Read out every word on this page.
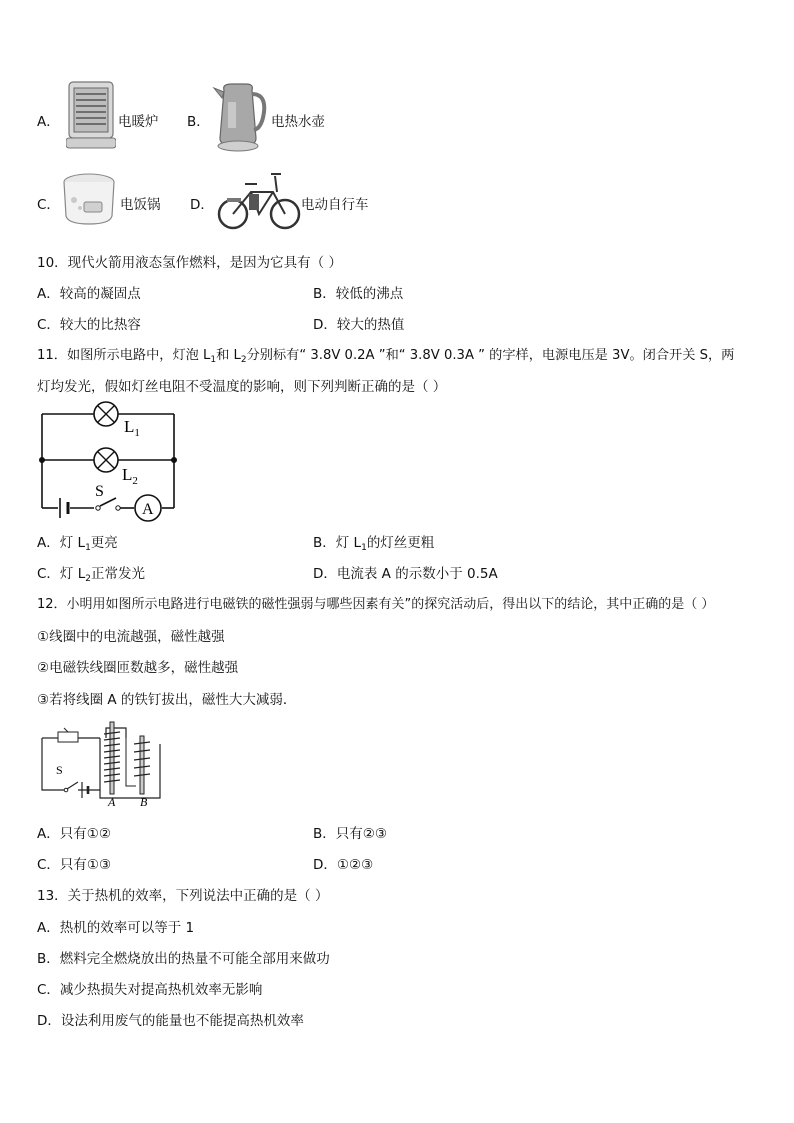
A．	电暖炉 B．	电热水壶
C．	电饭锅 D．	电动自行车
10．现代火箭用液态氢作燃料，是因为它具有（ ）
A．较高的凝固点	B．较低的沸点
C．较大的比热容	D．较大的热值
11．如图所示电路中，灯泡 $L_1$和 $L_2$分别标有“ 3.8V 0.2A ”和“ 3.8V 0.3A ” 的字样，电源电压是 3V。闭合开关 S，两
灯均发光，假如灯丝电阻不受温度的影响，则下列判断正确的是（ ）
$L_1$
$L_2$
S
A
A．灯 $L_1$更亮	B．灯 $L_1$的灯丝更粗
C．灯 $L_2$正常发光	D．电流表 A 的示数小于 0.5A
12．小明用如图所示电路进行电磁铁的磁性强弱与哪些因素有关”的探究活动后，得出以下的结论，其中正确的是（ ）
①线圈中的电流越强，磁性越强
②电磁铁线圈匝数越多，磁性越强
③若将线圈 A 的铁钉拔出，磁性大大减弱．
S
A B
A．只有①②	B．只有②③
C．只有①③	D．①②③
13．关于热机的效率，下列说法中正确的是（ ）
A．热机的效率可以等于 1
B．燃料完全燃烧放出的热量不可能全部用来做功
C．减少热损失对提高热机效率无影响
D．设法利用废气的能量也不能提高热机效率
